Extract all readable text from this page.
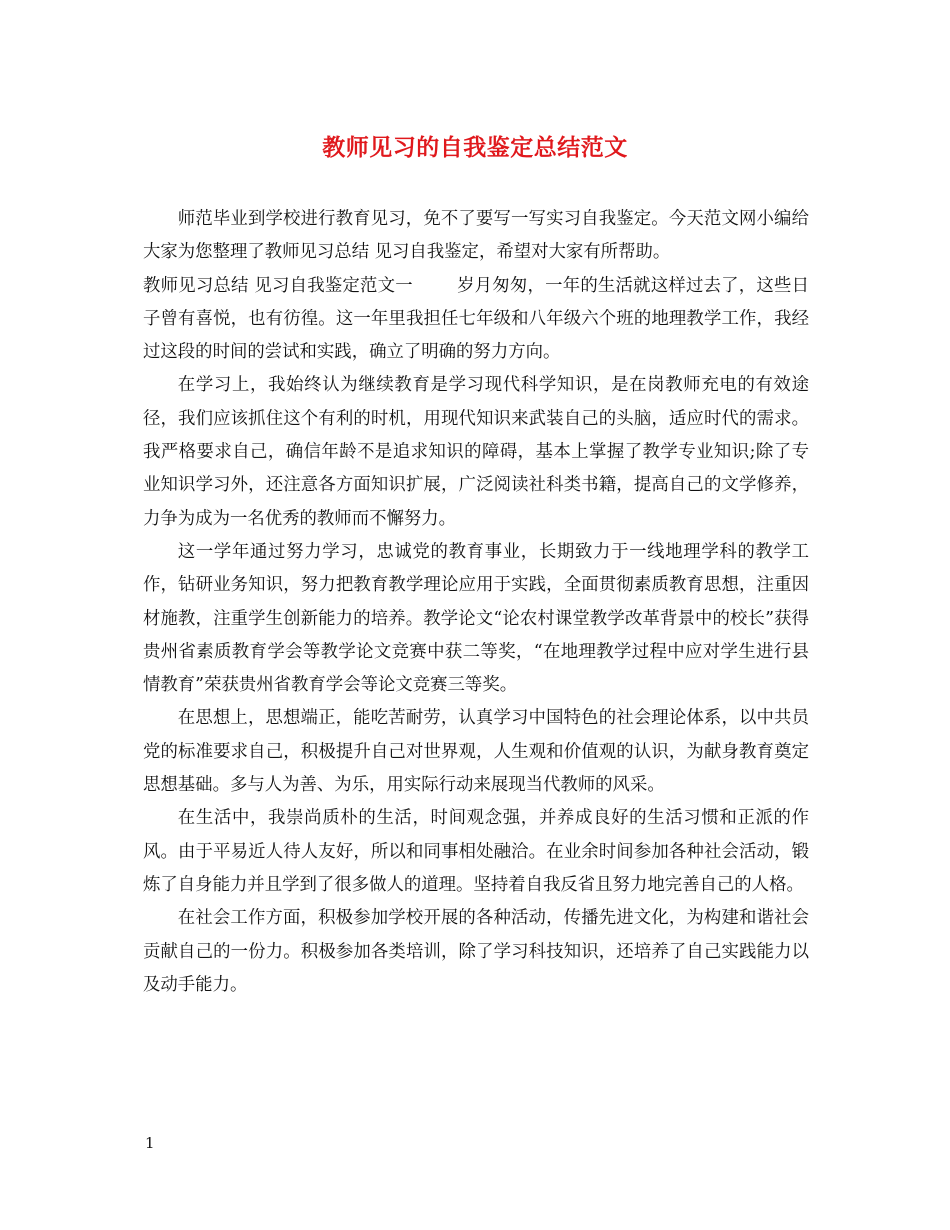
教师见习的自我鉴定总结范文

师范毕业到学校进行教育见习，免不了要写一写实习自我鉴定。今天范文网小编给大家为您整理了教师见习总结 见习自我鉴定，希望对大家有所帮助。

教师见习总结 见习自我鉴定范文一	岁月匆匆，一年的生活就这样过去了，这些日子曾有喜悦，也有彷徨。这一年里我担任七年级和八年级六个班的地理教学工作，我经过这段的时间的尝试和实践，确立了明确的努力方向。

在学习上，我始终认为继续教育是学习现代科学知识，是在岗教师充电的有效途径，我们应该抓住这个有利的时机，用现代知识来武装自己的头脑，适应时代的需求。我严格要求自己，确信年龄不是追求知识的障碍，基本上掌握了教学专业知识;除了专业知识学习外，还注意各方面知识扩展，广泛阅读社科类书籍，提高自己的文学修养，力争为成为一名优秀的教师而不懈努力。

这一学年通过努力学习，忠诚党的教育事业，长期致力于一线地理学科的教学工作，钻研业务知识，努力把教育教学理论应用于实践，全面贯彻素质教育思想，注重因材施教，注重学生创新能力的培养。教学论文“论农村课堂教学改革背景中的校长”获得贵州省素质教育学会等教学论文竞赛中获二等奖，“在地理教学过程中应对学生进行县情教育”荣获贵州省教育学会等论文竞赛三等奖。

在思想上，思想端正，能吃苦耐劳，认真学习中国特色的社会理论体系，以中共员党的标准要求自己，积极提升自己对世界观，人生观和价值观的认识，为献身教育奠定思想基础。多与人为善、为乐，用实际行动来展现当代教师的风采。

在生活中，我崇尚质朴的生活，时间观念强，并养成良好的生活习惯和正派的作风。由于平易近人待人友好，所以和同事相处融洽。在业余时间参加各种社会活动，锻炼了自身能力并且学到了很多做人的道理。坚持着自我反省且努力地完善自己的人格。

在社会工作方面，积极参加学校开展的各种活动，传播先进文化，为构建和谐社会贡献自己的一份力。积极参加各类培训，除了学习科技知识，还培养了自己实践能力以及动手能力。

1
